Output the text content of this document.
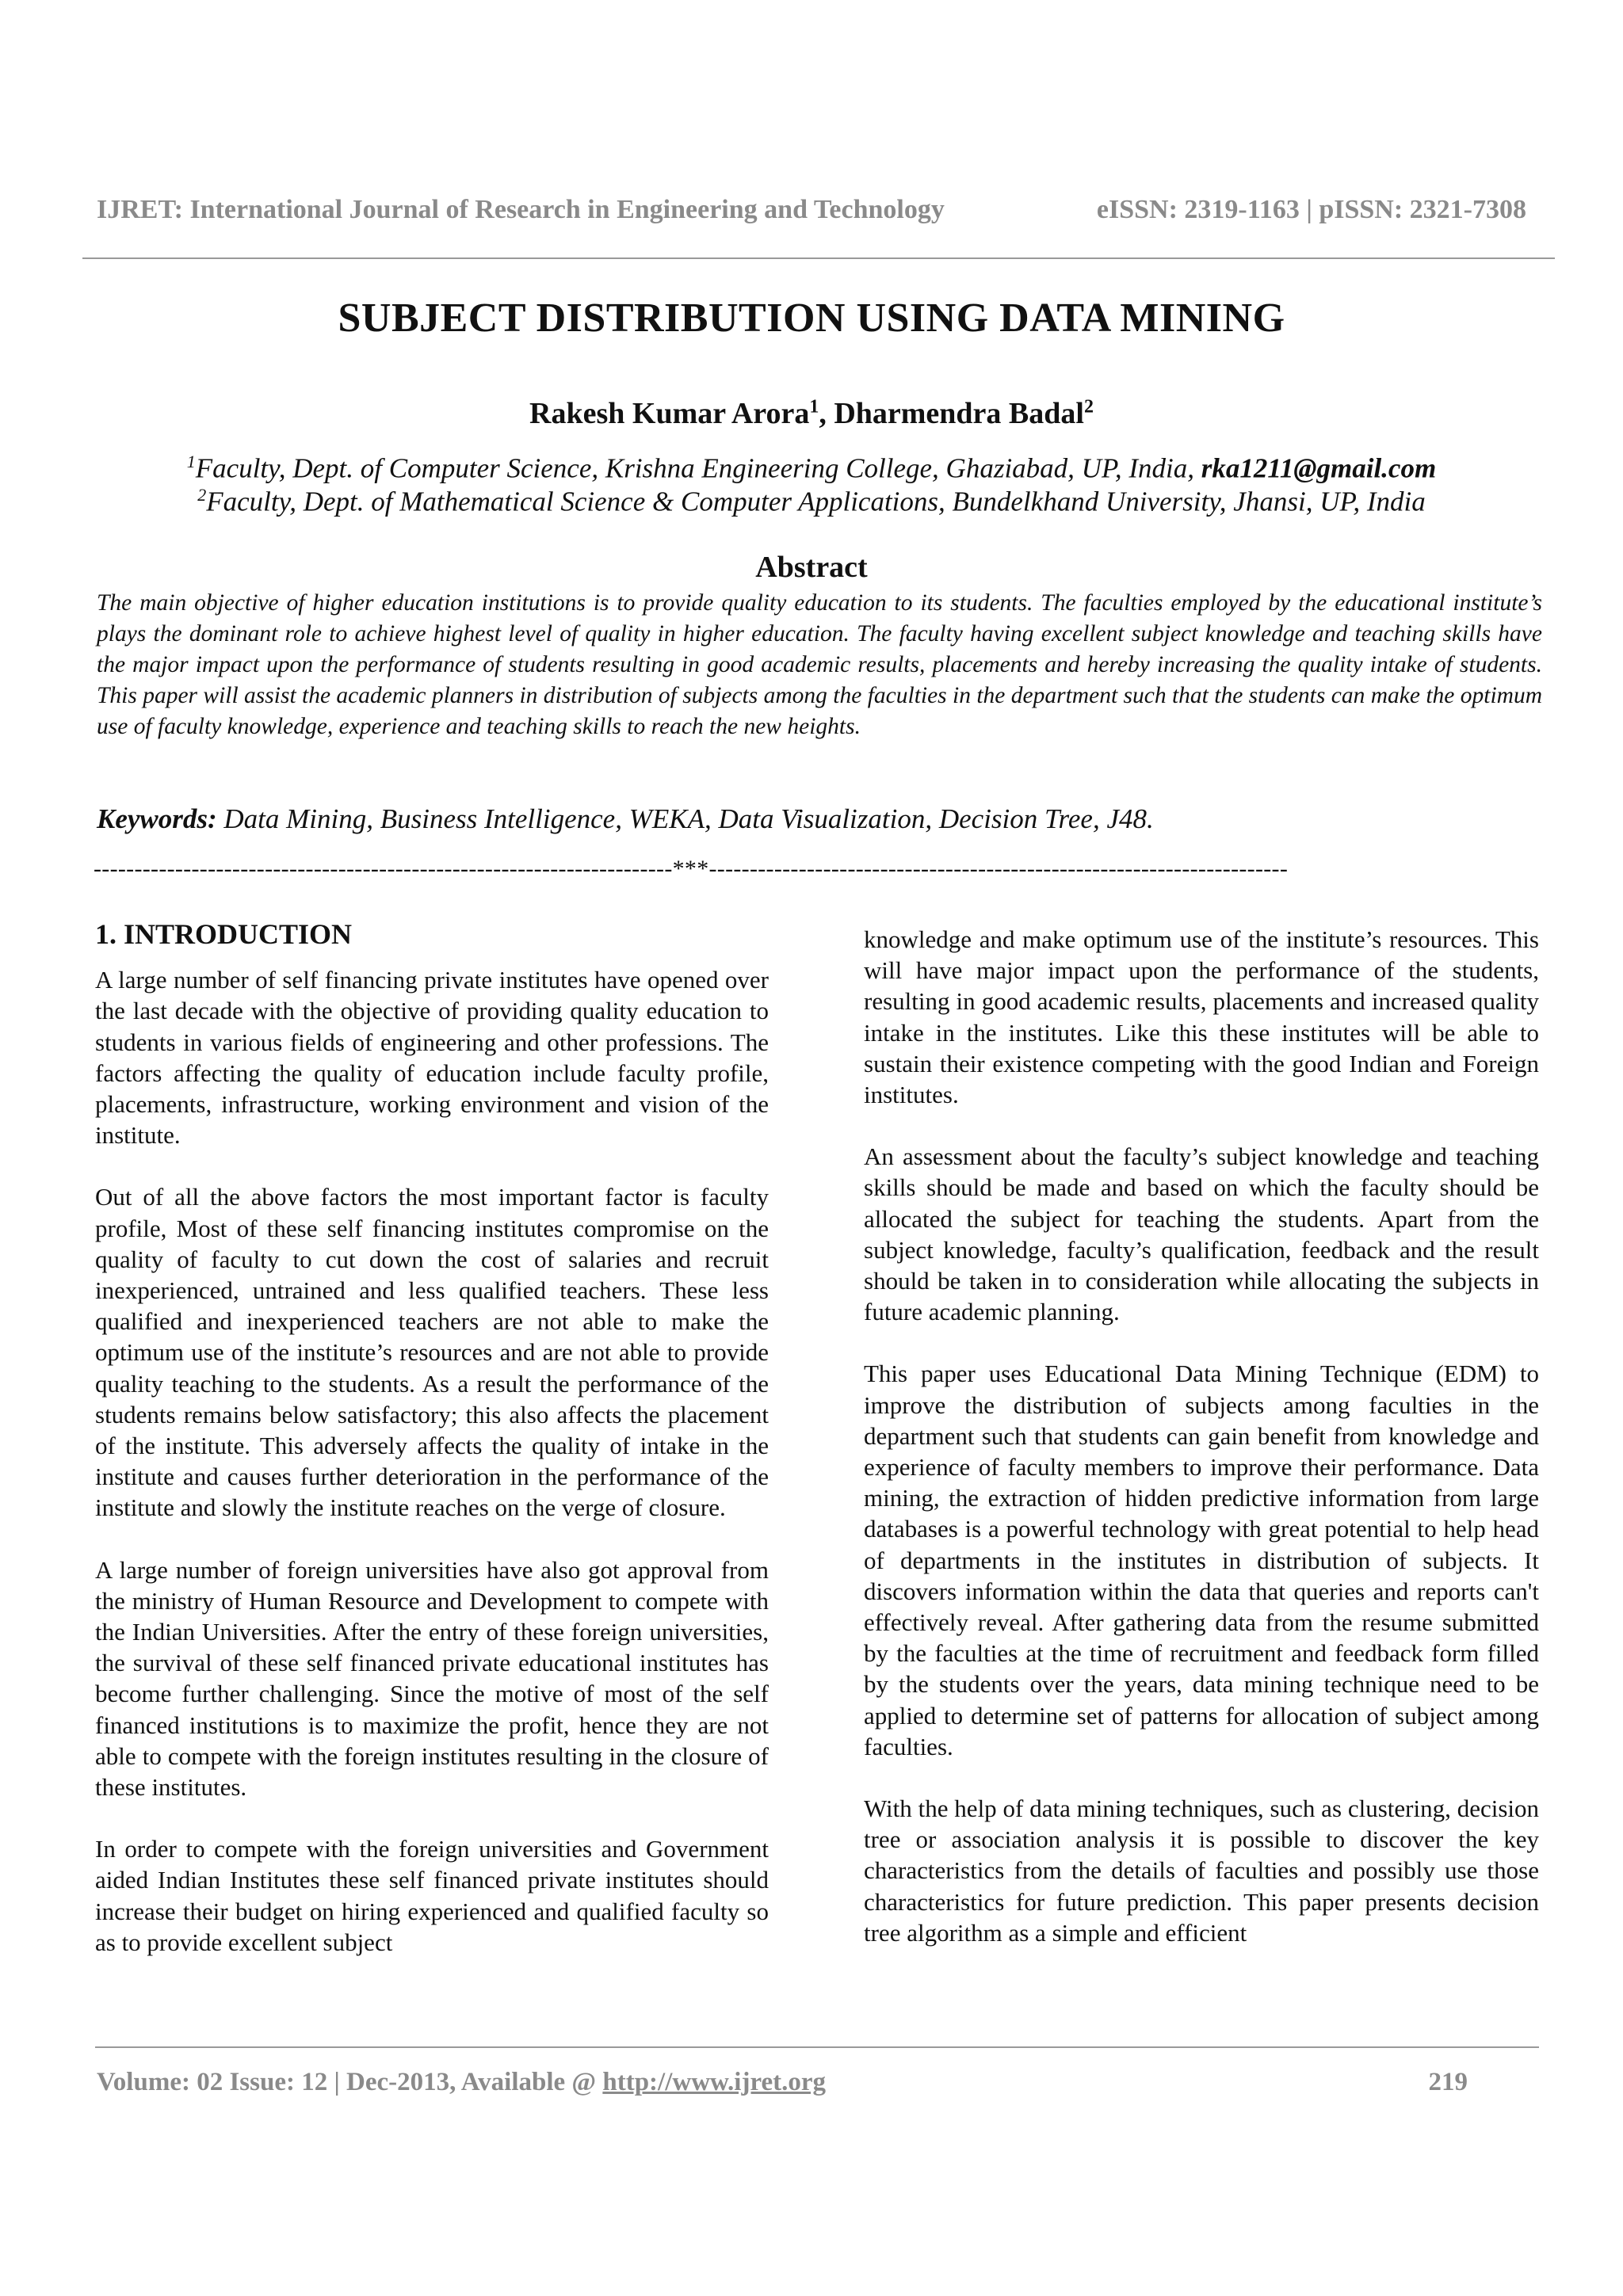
IJRET: International Journal of Research in Engineering and Technology	eISSN: 2319-1163 | pISSN: 2321-7308
SUBJECT DISTRIBUTION USING DATA MINING
Rakesh Kumar Arora$^1$, Dharmendra Badal$^2$
$^1$Faculty, Dept. of Computer Science, Krishna Engineering College, Ghaziabad, UP, India, rka1211@gmail.com
$^2$Faculty, Dept. of Mathematical Science & Computer Applications, Bundelkhand University, Jhansi, UP, India
Abstract
The main objective of higher education institutions is to provide quality education to its students. The faculties employed by the educational institute’s plays the dominant role to achieve highest level of quality in higher education. The faculty having excellent subject knowledge and teaching skills have the major impact upon the performance of students resulting in good academic results, placements and hereby increasing the quality intake of students. This paper will assist the academic planners in distribution of subjects among the faculties in the department such that the students can make the optimum use of faculty knowledge, experience and teaching skills to reach the new heights.
Keywords: Data Mining, Business Intelligence, WEKA, Data Visualization, Decision Tree, J48.
-----------------------------------------------------------------------***-----------------------------------------------------------------------
1. INTRODUCTION

A large number of self financing private institutes have opened over the last decade with the objective of providing quality education to students in various fields of engineering and other professions. The factors affecting the quality of education include faculty profile, placements, infrastructure, working environment and vision of the institute.

Out of all the above factors the most important factor is faculty profile, Most of these self financing institutes compromise on the quality of faculty to cut down the cost of salaries and recruit inexperienced, untrained and less qualified teachers. These less qualified and inexperienced teachers are not able to make the optimum use of the institute’s resources and are not able to provide quality teaching to the students. As a result the performance of the students remains below satisfactory; this also affects the placement of the institute. This adversely affects the quality of intake in the institute and causes further deterioration in the performance of the institute and slowly the institute reaches on the verge of closure.

A large number of foreign universities have also got approval from the ministry of Human Resource and Development to compete with the Indian Universities. After the entry of these foreign universities, the survival of these self financed private educational institutes has become further challenging. Since the motive of most of the self financed institutions is to maximize the profit, hence they are not able to compete with the foreign institutes resulting in the closure of these institutes.

In order to compete with the foreign universities and Government aided Indian Institutes these self financed private institutes should increase their budget on hiring experienced and qualified faculty so as to provide excellent subject

knowledge and make optimum use of the institute’s resources. This will have major impact upon the performance of the students, resulting in good academic results, placements and increased quality intake in the institutes. Like this these institutes will be able to sustain their existence competing with the good Indian and Foreign institutes.

An assessment about the faculty’s subject knowledge and teaching skills should be made and based on which the faculty should be allocated the subject for teaching the students. Apart from the subject knowledge, faculty’s qualification, feedback and the result should be taken in to consideration while allocating the subjects in future academic planning.

This paper uses Educational Data Mining Technique (EDM) to improve the distribution of subjects among faculties in the department such that students can gain benefit from knowledge and experience of faculty members to improve their performance. Data mining, the extraction of hidden predictive information from large databases is a powerful technology with great potential to help head of departments in the institutes in distribution of subjects. It discovers information within the data that queries and reports can't effectively reveal. After gathering data from the resume submitted by the faculties at the time of recruitment and feedback form filled by the students over the years, data mining technique need to be applied to determine set of patterns for allocation of subject among faculties.

With the help of data mining techniques, such as clustering, decision tree or association analysis it is possible to discover the key characteristics from the details of faculties and possibly use those characteristics for future prediction. This paper presents decision tree algorithm as a simple and efficient

Volume: 02 Issue: 12 | Dec-2013, Available @ http://www.ijret.org	219
